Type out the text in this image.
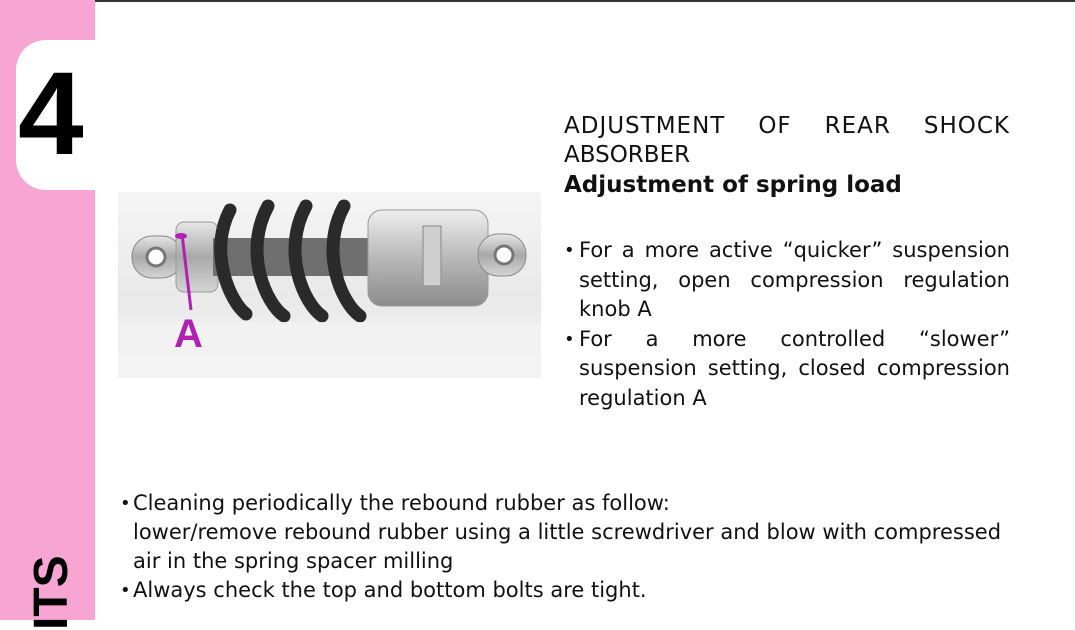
4
ITS
A
ADJUSTMENT OF REAR SHOCK
ABSORBER
Adjustment of spring load
• For a more active “quicker” suspension setting, open compression regulation knob A
• For a more controlled “slower” suspension setting, closed compression regulation A

• Cleaning periodically the rebound rubber as follow:

lower/remove rebound rubber using a little screwdriver and blow with compressed

air in the spring spacer milling

• Always check the top and bottom bolts are tight.
